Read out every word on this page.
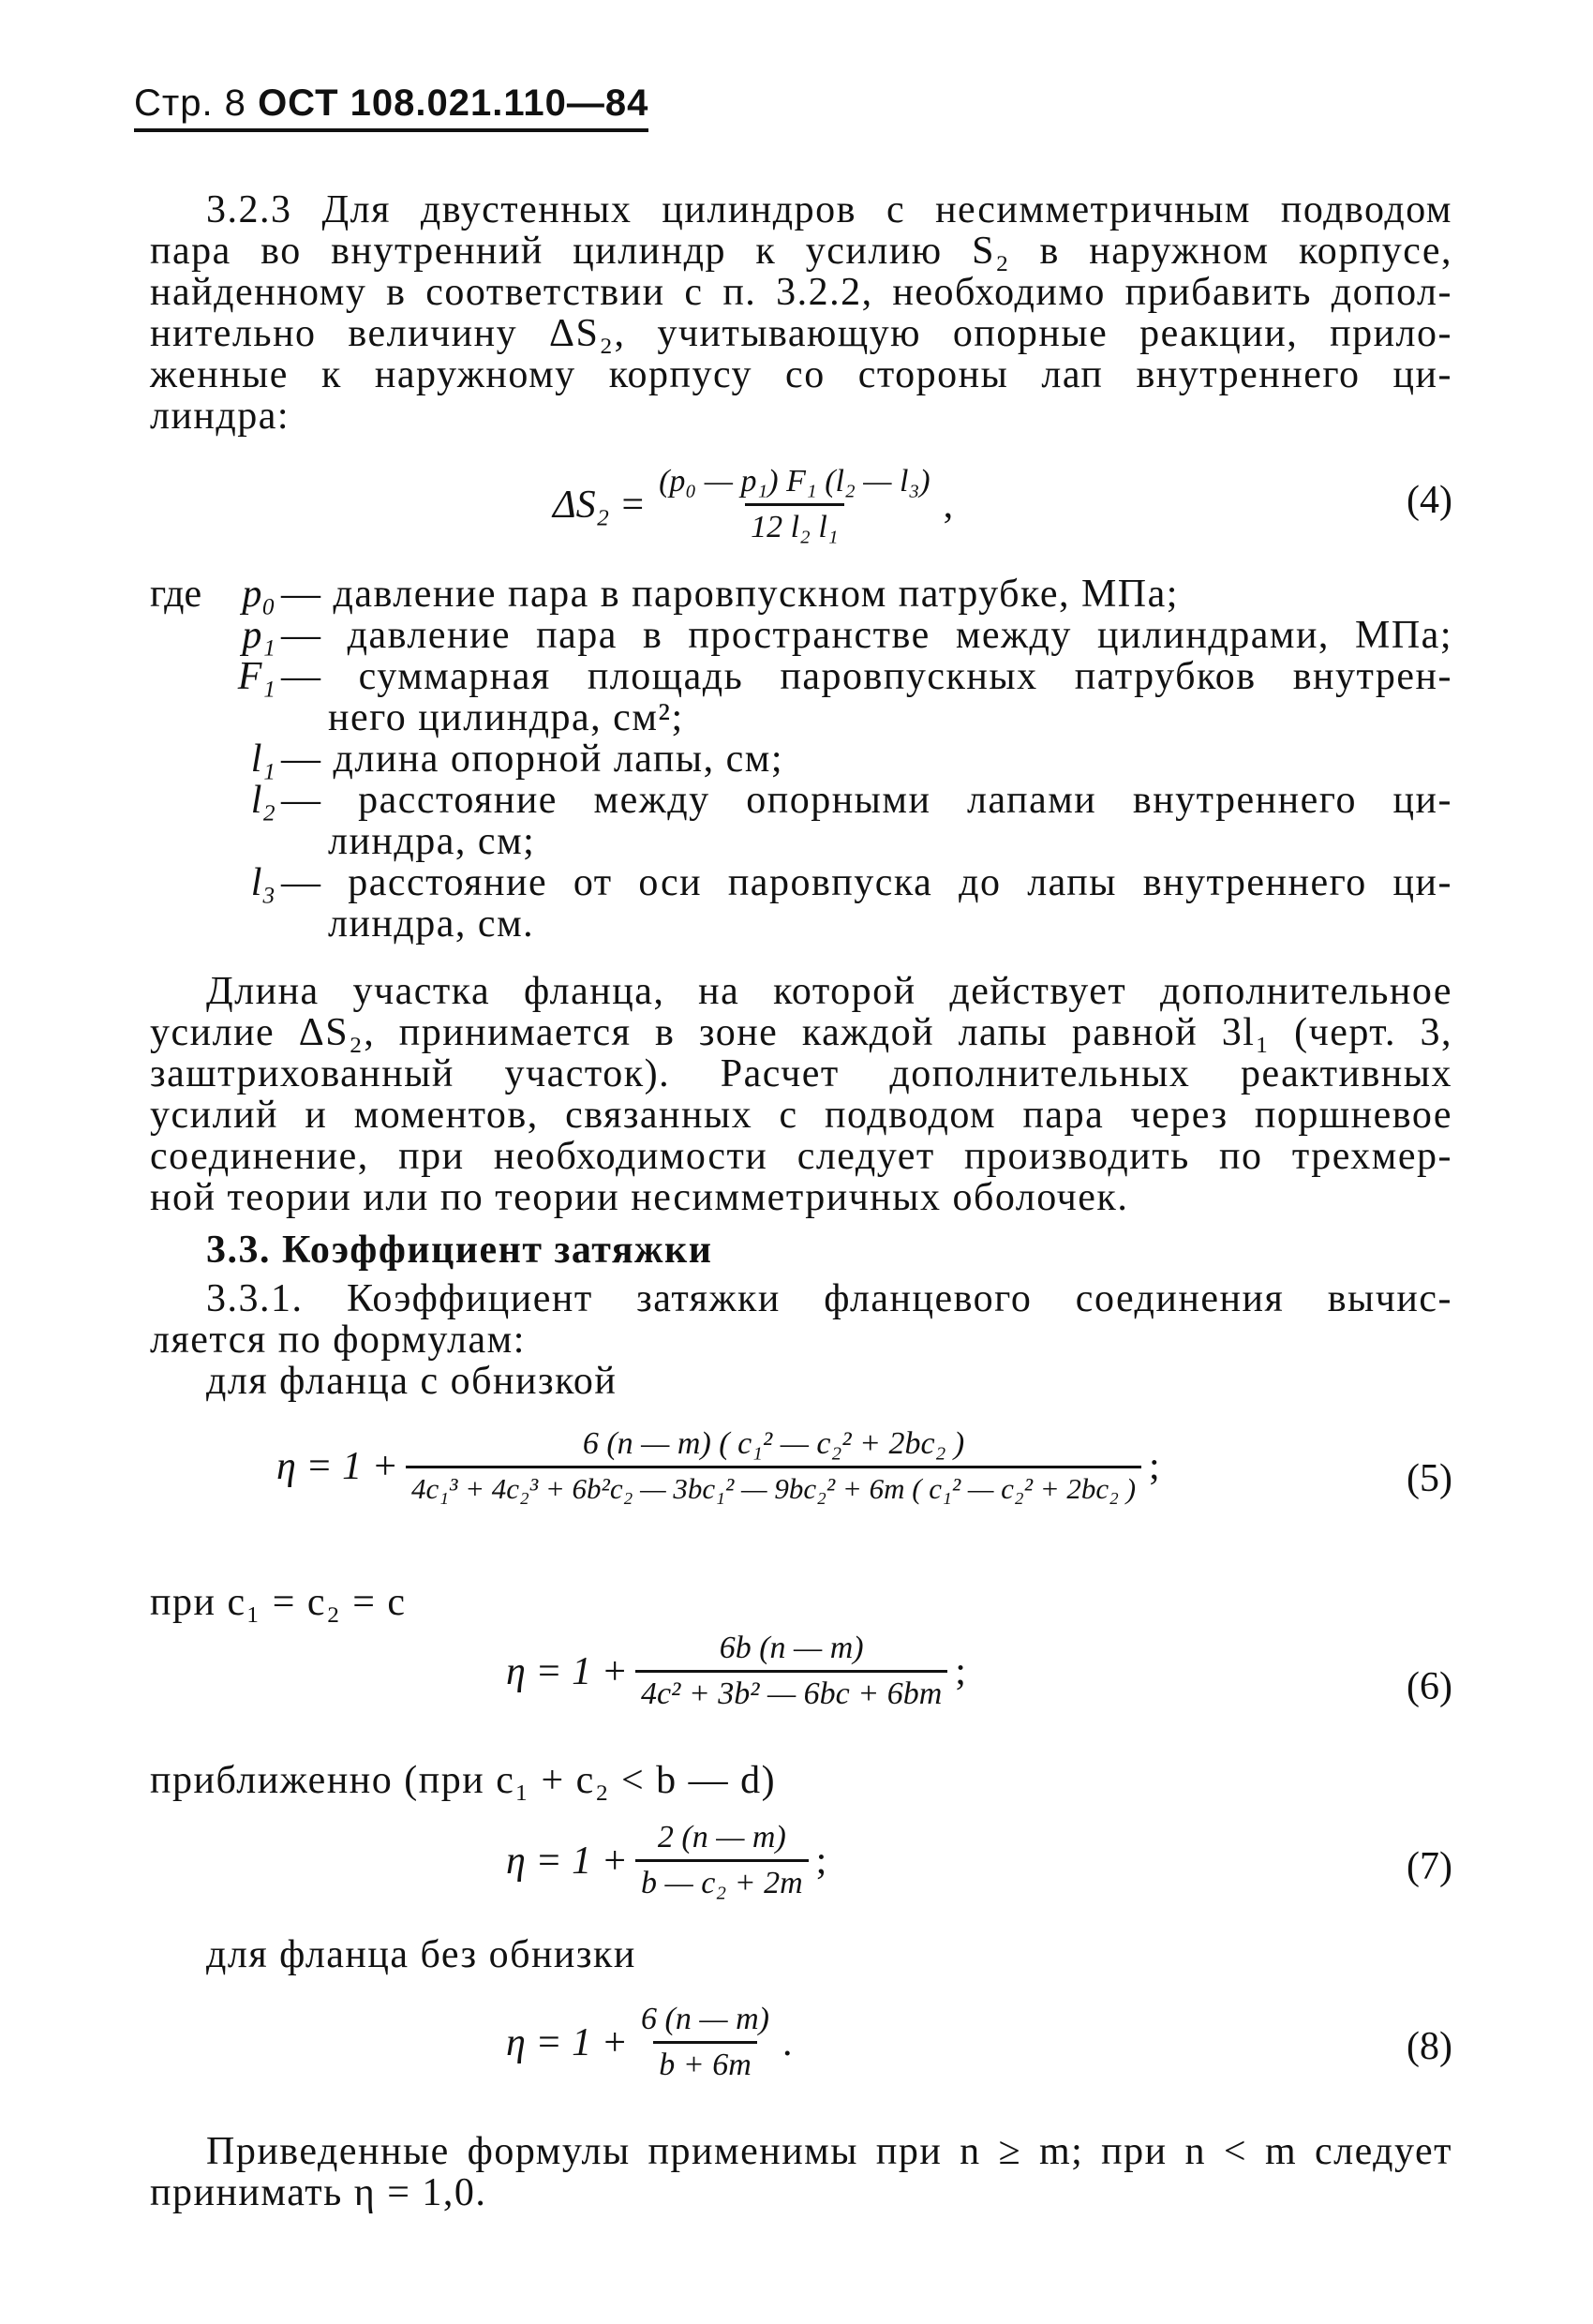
Стр. 8 ОСТ 108.021.110—84
3.2.3 Для двустенных цилиндров с несимметричным подводом
пара во внутренний цилиндр к усилию S₂ в наружном корпусе,
найденному в соответствии с п. 3.2.2, необходимо прибавить допол-
нительно величину ΔS₂, учитывающую опорные реакции, прило-
женные к наружному корпусу со стороны лап внутреннего ци-
линдра:
$\Delta S_2 = \frac{\text{(p₀ — p₁) F₁ (l₂ — l₃)}}{\text{12 l₂ l₁}}$ ,	(4)
где	p₀ — давление пара в паровпускном патрубке, МПа;
p₁ — давление пара в пространстве между цилиндрами, МПа;
F₁ — суммарная площадь паровпускных патрубков внутрен-
него цилиндра, см²;
l₁ — длина опорной лапы, см;
l₂ — расстояние между опорными лапами внутреннего ци-
линдра, см;
l₃ — расстояние от оси паровпуска до лапы внутреннего ци-
линдра, см.
Длина участка фланца, на которой действует дополнительное
усилие ΔS₂, принимается в зоне каждой лапы равной 3l₁ (черт. 3,
заштрихованный участок). Расчет дополнительных реактивных
усилий и моментов, связанных с подводом пара через поршневое
соединение, при необходимости следует производить по трехмер-
ной теории или по теории несимметричных оболочек.
3.3. Коэффициент затяжки
3.3.1. Коэффициент затяжки фланцевого соединения вычис-
ляется по формулам:
для фланца с обнизкой
η = 1 +
6 (n — m) ( c₁² — c₂² + 2bc₂ )
4c₁³ + 4c₂³ + 6b²c₂ — 3bc₁² — 9bc₂² + 6m ( c₁² — c₂² + 2bc₂ )
;	(5)
при c₁ = c₂ = c
$\eta = 1 + \frac{6b (n — m)}{\text{4c² + 3b² — 6bc + 6bm}}$ ;	(6)
приближенно (при c₁ + c₂ < b — d)
$\eta = 1 + \frac{2 (n — m)}{\text{b — c₂ + 2m}}$ ;	(7)
для фланца без обнизки
$\eta = 1 + \frac{6 (n — m)}{b + 6m}$ .	(8)
Приведенные формулы применимы при n ≥ m; при n < m следует
принимать η = 1,0.
